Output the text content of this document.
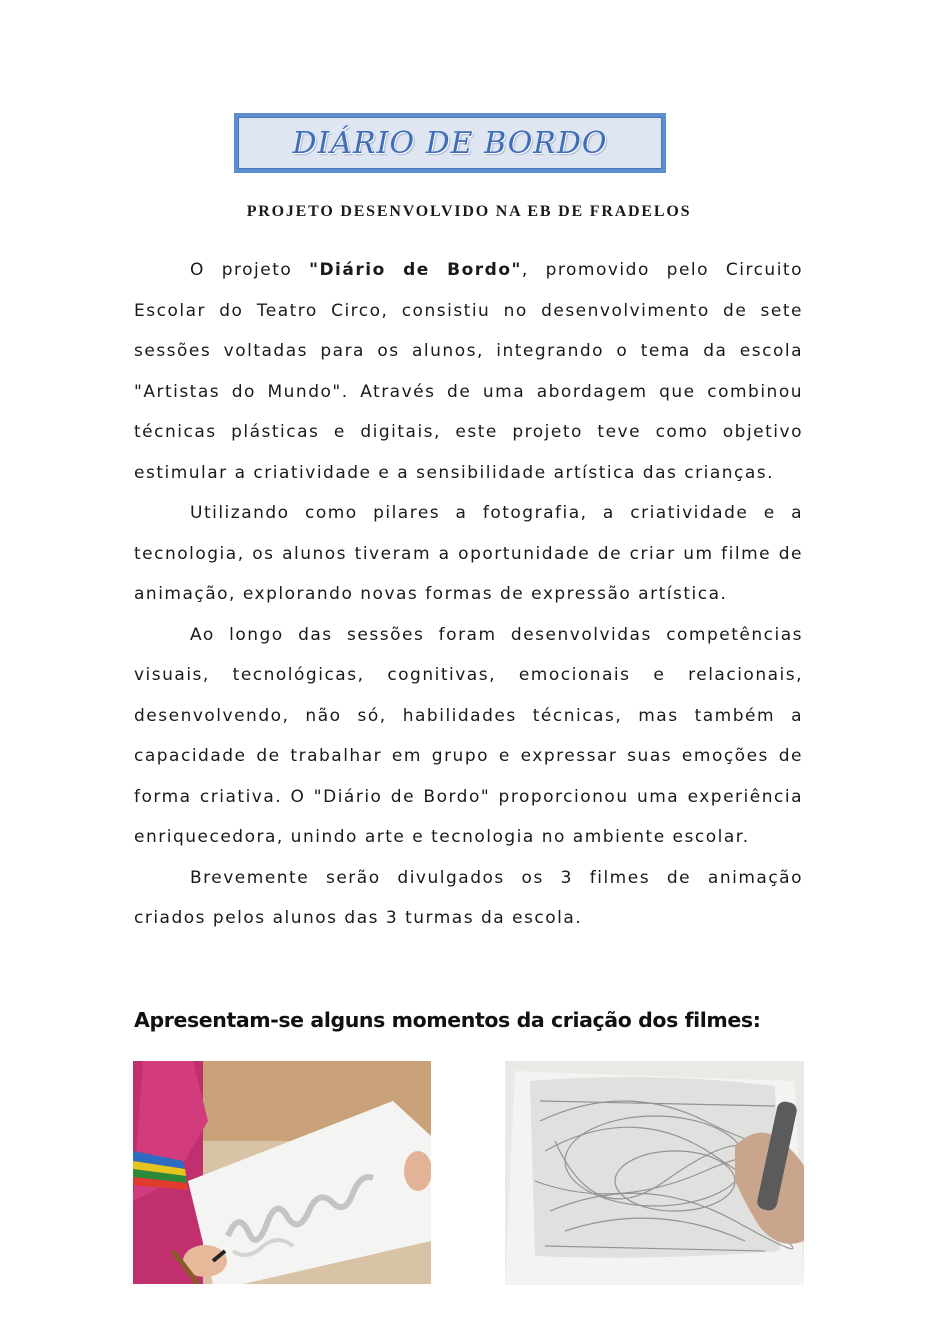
DIÁRIO DE BORDO
PROJETO DESENVOLVIDO NA EB DE FRADELOS

O projeto "Diário de Bordo", promovido pelo Circuito Escolar do Teatro Circo, consistiu no desenvolvimento de sete sessões voltadas para os alunos, integrando o tema da escola "Artistas do Mundo". Através de uma abordagem que combinou técnicas plásticas e digitais, este projeto teve como objetivo estimular a criatividade e a sensibilidade artística das crianças.

Utilizando como pilares a fotografia, a criatividade e a tecnologia, os alunos tiveram a oportunidade de criar um filme de animação, explorando novas formas de expressão artística.

Ao longo das sessões foram desenvolvidas competências visuais, tecnológicas, cognitivas, emocionais e relacionais, desenvolvendo, não só, habilidades técnicas, mas também a capacidade de trabalhar em grupo e expressar suas emoções de forma criativa. O "Diário de Bordo" proporcionou uma experiência enriquecedora, unindo arte e tecnologia no ambiente escolar.

Brevemente serão divulgados os 3 filmes de animação criados pelos alunos das 3 turmas da escola.

Apresentam-se alguns momentos da criação dos filmes:
